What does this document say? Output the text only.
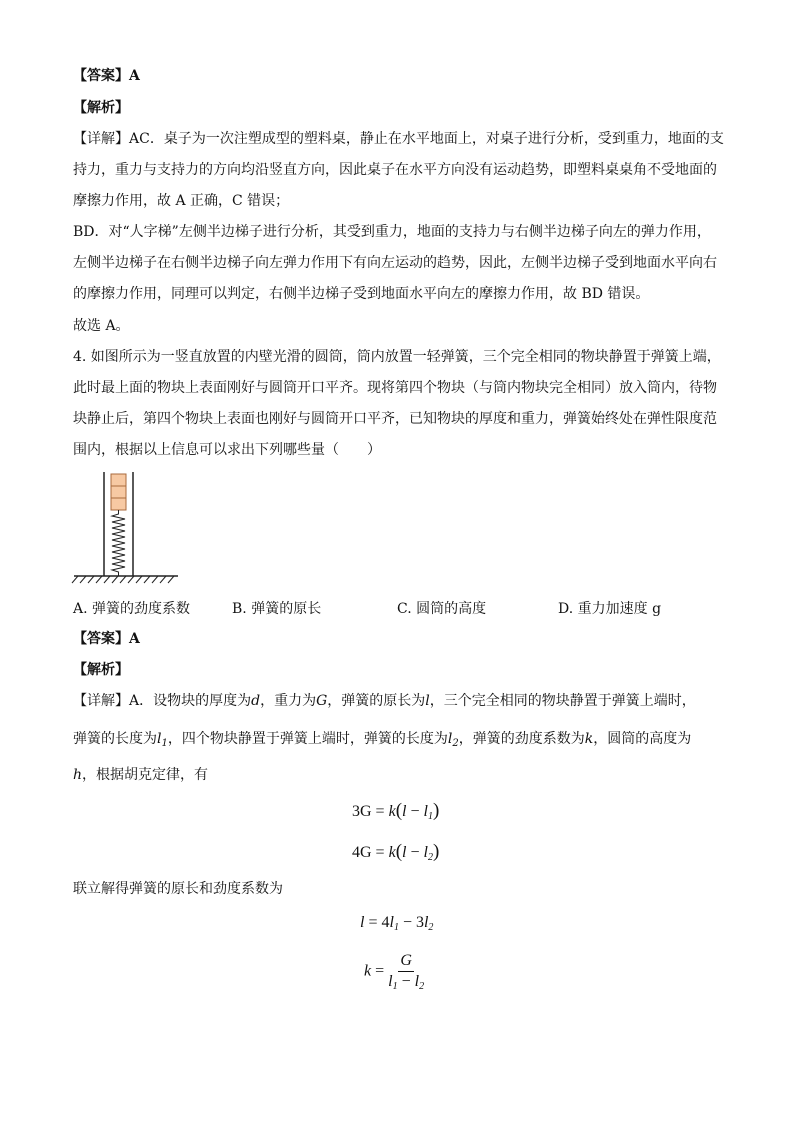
【答案】A
【解析】
【详解】AC．桌子为一次注塑成型的塑料桌，静止在水平地面上，对桌子进行分析，受到重力，地面的支
持力，重力与支持力的方向均沿竖直方向，因此桌子在水平方向没有运动趋势，即塑料桌桌角不受地面的
摩擦力作用，故 A 正确，C 错误；
BD．对“人字梯”左侧半边梯子进行分析，其受到重力，地面的支持力与右侧半边梯子向左的弹力作用，
左侧半边梯子在右侧半边梯子向左弹力作用下有向左运动的趋势，因此，左侧半边梯子受到地面水平向右
的摩擦力作用，同理可以判定，右侧半边梯子受到地面水平向左的摩擦力作用，故 BD 错误。
故选 A。
4. 如图所示为一竖直放置的内壁光滑的圆筒，筒内放置一轻弹簧，三个完全相同的物块静置于弹簧上端，
此时最上面的物块上表面刚好与圆筒开口平齐。现将第四个物块（与筒内物块完全相同）放入筒内，待物
块静止后，第四个物块上表面也刚好与圆筒开口平齐，已知物块的厚度和重力，弹簧始终处在弹性限度范
围内，根据以上信息可以求出下列哪些量（　　）
A. 弹簧的劲度系数	B. 弹簧的原长	C. 圆筒的高度	D. 重力加速度 g
【答案】A
【解析】
【详解】A．设物块的厚度为d，重力为G，弹簧的原长为l，三个完全相同的物块静置于弹簧上端时，
弹簧的长度为$l_1$，四个物块静置于弹簧上端时，弹簧的长度为$l_2$，弹簧的劲度系数为k，圆筒的高度为
h，根据胡克定律，有
$3G = k(l - l_1)$
$4G = k(l - l_2)$
联立解得弹簧的原长和劲度系数为
$l = 4l_1 - 3l_2$
$k = \frac{G}{l_1 - l_2}$
